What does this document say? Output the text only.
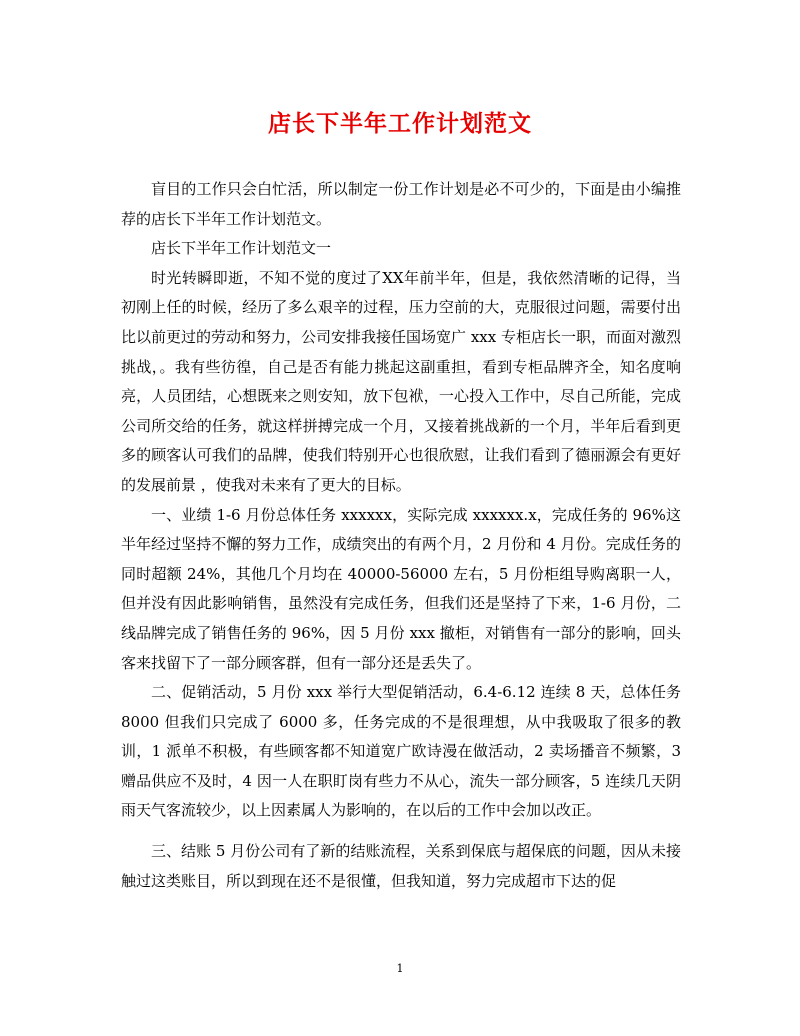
店长下半年工作计划范文

盲目的工作只会白忙活，所以制定一份工作计划是必不可少的，下面是由小编推荐的店长下半年工作计划范文。

店长下半年工作计划范文一

时光转瞬即逝，不知不觉的度过了XX年前半年，但是，我依然清晰的记得，当初刚上任的时候，经历了多么艰辛的过程，压力空前的大，克服很过问题，需要付出比以前更过的劳动和努力，公司安排我接任国场宽广 xxx 专柜店长一职，而面对激烈挑战，。我有些彷徨，自己是否有能力挑起这副重担，看到专柜品牌齐全，知名度响亮，人员团结，心想既来之则安知，放下包袱，一心投入工作中，尽自己所能，完成公司所交给的任务，就这样拼搏完成一个月，又接着挑战新的一个月，半年后看到更多的顾客认可我们的品牌，使我们特别开心也很欣慰，让我们看到了德丽源会有更好的发展前景 ，使我对未来有了更大的目标。

一、业绩 1-6 月份总体任务 xxxxxx，实际完成 xxxxxx.x，完成任务的 96%这半年经过坚持不懈的努力工作，成绩突出的有两个月，2 月份和 4 月份。完成任务的同时超额 24%，其他几个月均在 40000-56000 左右，5 月份柜组导购离职一人，但并没有因此影响销售，虽然没有完成任务，但我们还是坚持了下来，1-6 月份，二线品牌完成了销售任务的 96%，因 5 月份 xxx 撤柜，对销售有一部分的影响，回头客来找留下了一部分顾客群，但有一部分还是丢失了。

二、促销活动，5 月份 xxx 举行大型促销活动，6.4-6.12 连续 8 天，总体任务 8000 但我们只完成了 6000 多，任务完成的不是很理想，从中我吸取了很多的教训，1 派单不积极，有些顾客都不知道宽广欧诗漫在做活动，2 卖场播音不频繁，3 赠品供应不及时，4 因一人在职盯岗有些力不从心，流失一部分顾客，5 连续几天阴雨天气客流较少，以上因素属人为影响的，在以后的工作中会加以改正。

三、结账 5 月份公司有了新的结账流程，关系到保底与超保底的问题，因从未接触过这类账目，所以到现在还不是很懂，但我知道，努力完成超市下达的促

1
